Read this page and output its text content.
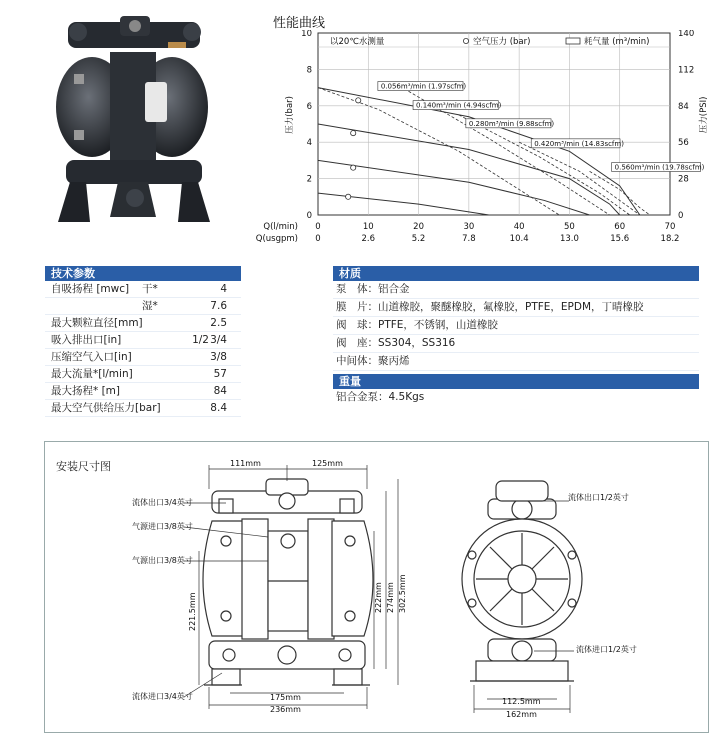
性能曲线
以20℃水测量	空气压力 (bar)	耗气量 (m³/min)
0.056m³/min (1.97scfm)
0.140m³/min (4.94scfm)
0.280m³/min (9.88scfm)
0.420m³/min (14.83scfm)
0.560m³/min (19.78scfm)
0
2
4
6
8
10
0
28
56
84
112
140
0	10	20	30	40	50	60	70
0	2.6	5.2	7.8	10.4	13.0	15.6	18.2
Q(l/min)
Q(usgpm)
压力(bar)	压力(PSI)
技术参数
自吸扬程 [mwc] 干*	4
湿*	7.6
最大颗粒直径[mm]	2.5
吸入排出口[in]	1/2 3/4
压缩空气入口[in]	3/8
最大流量*[l/min]	57
最大扬程* [m]	84
最大空气供给压力[bar]	8.4
材质
泵　体：铝合金
膜　片：山道橡胶，聚醚橡胶，氟橡胶，PTFE，EPDM，丁晴橡胶
阀　球：PTFE，不锈钢，山道橡胶
阀　座：SS304，SS316
中间体：聚丙烯
重量
铝合金泵：4.5Kgs
安装尺寸图	111mm	125mm
175mm
236mm
222mm 274mm 302.5mm
221.5mm
流体出口3/4英寸
气源进口3/8英寸
气源出口3/8英寸
流体进口3/4英寸
112.5mm
162mm
流体出口1/2英寸
流体进口1/2英寸
